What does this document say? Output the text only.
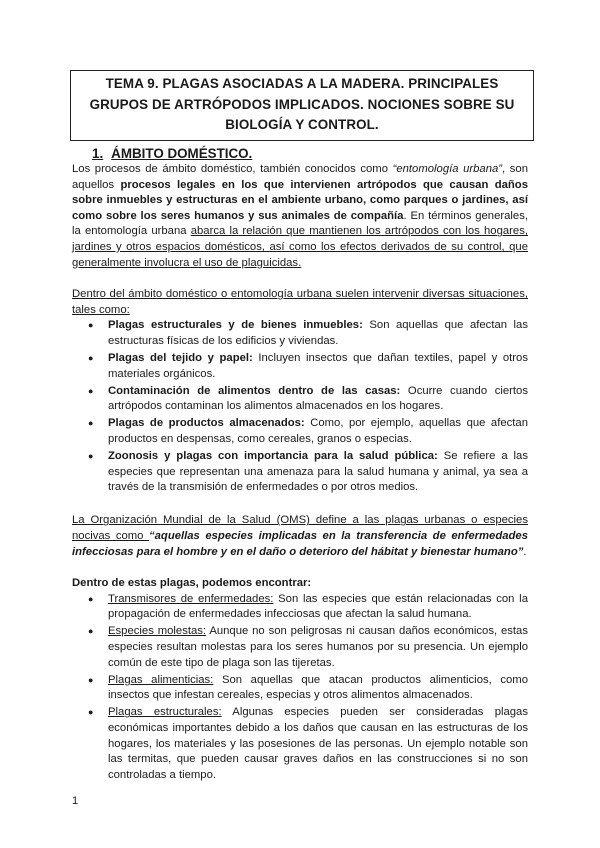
TEMA 9. PLAGAS ASOCIADAS A LA MADERA. PRINCIPALES GRUPOS DE ARTRÓPODOS IMPLICADOS. NOCIONES SOBRE SU BIOLOGÍA Y CONTROL.
1. ÁMBITO DOMÉSTICO.

Los procesos de ámbito doméstico, también conocidos como “entomología urbana”, son aquellos procesos legales en los que intervienen artrópodos que causan daños sobre inmuebles y estructuras en el ambiente urbano, como parques o jardines, así como sobre los seres humanos y sus animales de compañía. En términos generales, la entomología urbana abarca la relación que mantienen los artrópodos con los hogares, jardines y otros espacios domésticos, así como los efectos derivados de su control, que generalmente involucra el uso de plaguicidas.

Dentro del ámbito doméstico o entomología urbana suelen intervenir diversas situaciones, tales como:

● Plagas estructurales y de bienes inmuebles: Son aquellas que afectan las estructuras físicas de los edificios y viviendas.
● Plagas del tejido y papel: Incluyen insectos que dañan textiles, papel y otros materiales orgánicos.
● Contaminación de alimentos dentro de las casas: Ocurre cuando ciertos artrópodos contaminan los alimentos almacenados en los hogares.
● Plagas de productos almacenados: Como, por ejemplo, aquellas que afectan productos en despensas, como cereales, granos o especias.
● Zoonosis y plagas con importancia para la salud pública: Se refiere a las especies que representan una amenaza para la salud humana y animal, ya sea a través de la transmisión de enfermedades o por otros medios.

La Organización Mundial de la Salud (OMS) define a las plagas urbanas o especies nocivas como “aquellas especies implicadas en la transferencia de enfermedades infecciosas para el hombre y en el daño o deterioro del hábitat y bienestar humano”.

Dentro de estas plagas, podemos encontrar:

● Transmisores de enfermedades: Son las especies que están relacionadas con la propagación de enfermedades infecciosas que afectan la salud humana.
● Especies molestas: Aunque no son peligrosas ni causan daños económicos, estas especies resultan molestas para los seres humanos por su presencia. Un ejemplo común de este tipo de plaga son las tijeretas.
● Plagas alimenticias: Son aquellas que atacan productos alimenticios, como insectos que infestan cereales, especias y otros alimentos almacenados.
● Plagas estructurales: Algunas especies pueden ser consideradas plagas económicas importantes debido a los daños que causan en las estructuras de los hogares, los materiales y las posesiones de las personas. Un ejemplo notable son las termitas, que pueden causar graves daños en las construcciones si no son controladas a tiempo.
1
